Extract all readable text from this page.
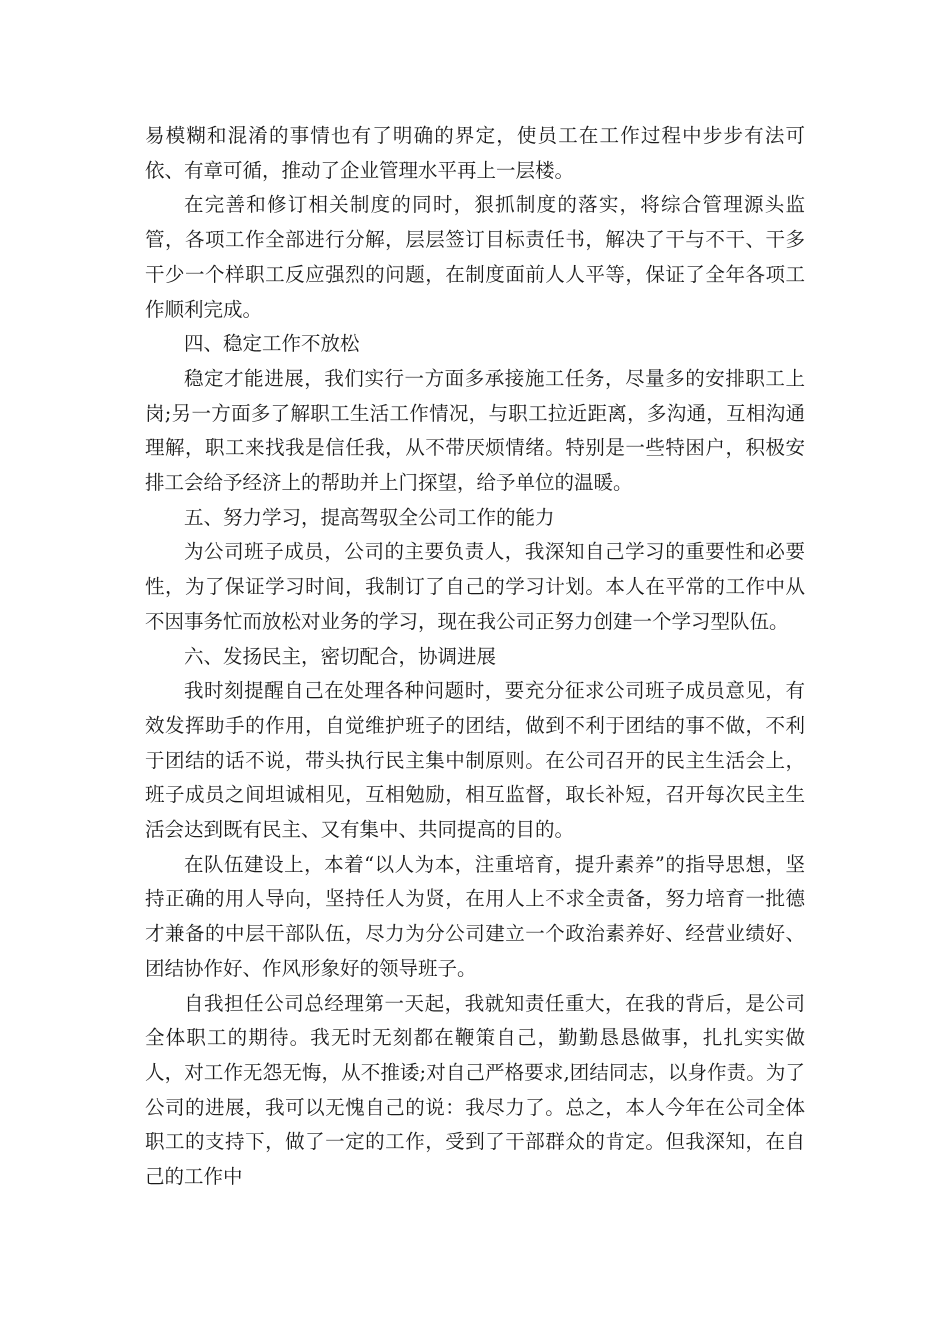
易模糊和混淆的事情也有了明确的界定，使员工在工作过程中步步有法可依、有章可循，推动了企业管理水平再上一层楼。

在完善和修订相关制度的同时，狠抓制度的落实，将综合管理源头监管，各项工作全部进行分解，层层签订目标责任书，解决了干与不干、干多干少一个样职工反应强烈的问题，在制度面前人人平等，保证了全年各项工作顺利完成。

四、稳定工作不放松

稳定才能进展，我们实行一方面多承接施工任务，尽量多的安排职工上岗;另一方面多了解职工生活工作情况，与职工拉近距离，多沟通，互相沟通理解，职工来找我是信任我，从不带厌烦情绪。特别是一些特困户，积极安排工会给予经济上的帮助并上门探望，给予单位的温暖。

五、努力学习，提高驾驭全公司工作的能力

为公司班子成员，公司的主要负责人，我深知自己学习的重要性和必要性，为了保证学习时间，我制订了自己的学习计划。本人在平常的工作中从不因事务忙而放松对业务的学习，现在我公司正努力创建一个学习型队伍。

六、发扬民主，密切配合，协调进展

我时刻提醒自己在处理各种问题时，要充分征求公司班子成员意见，有效发挥助手的作用，自觉维护班子的团结，做到不利于团结的事不做，不利于团结的话不说，带头执行民主集中制原则。在公司召开的民主生活会上，班子成员之间坦诚相见，互相勉励，相互监督，取长补短，召开每次民主生活会达到既有民主、又有集中、共同提高的目的。

在队伍建设上，本着“以人为本，注重培育，提升素养”的指导思想，坚持正确的用人导向，坚持任人为贤，在用人上不求全责备，努力培育一批德才兼备的中层干部队伍，尽力为分公司建立一个政治素养好、经营业绩好、团结协作好、作风形象好的领导班子。

自我担任公司总经理第一天起，我就知责任重大，在我的背后，是公司全体职工的期待。我无时无刻都在鞭策自己，勤勤恳恳做事，扎扎实实做人，对工作无怨无悔，从不推诿;对自己严格要求,团结同志，以身作责。为了公司的进展，我可以无愧自己的说：我尽力了。总之，本人今年在公司全体职工的支持下，做了一定的工作，受到了干部群众的肯定。但我深知，在自己的工作中
